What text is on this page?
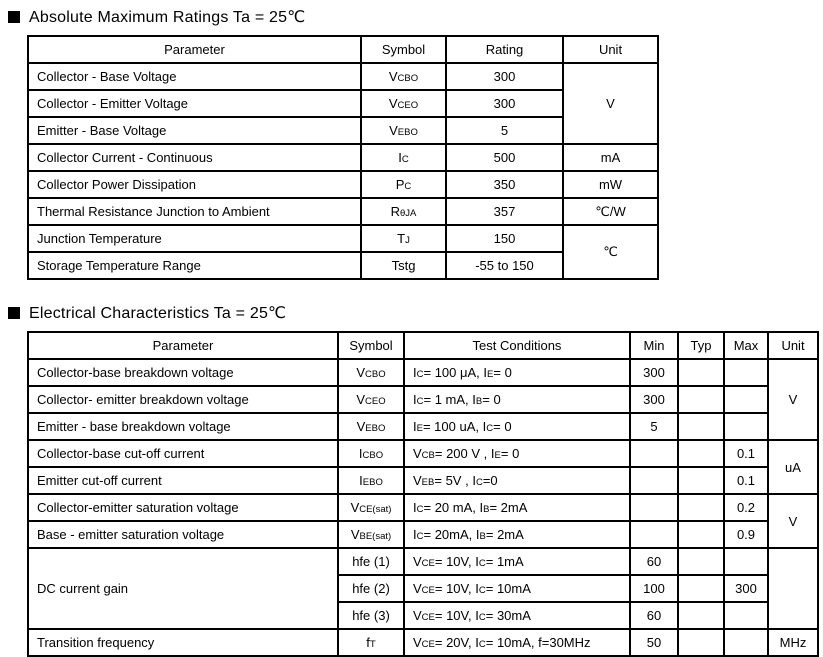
Absolute Maximum Ratings Ta = 25℃
Parameter	Symbol	Rating	Unit
Collector - Base Voltage	VCBO	300	V
Collector - Emitter Voltage	VCEO	300	
Emitter - Base Voltage	VEBO	5	
Collector Current - Continuous	IC	500	mA
Collector Power Dissipation	PC	350	mW
Thermal Resistance Junction to Ambient	RθJA	357	℃/W
Junction Temperature	TJ	150	℃
Storage Temperature Range	Tstg	-55 to 150	
Electrical Characteristics Ta = 25℃
Parameter	Symbol	Test Conditions	Min	Typ	Max	Unit
Collector-base breakdown voltage	VCBO	IC= 100 μA, IE= 0	300			V
Collector- emitter breakdown voltage	VCEO	IC= 1 mA, IB= 0	300			
Emitter - base breakdown voltage	VEBO	IE= 100 uA, IC= 0	5			
Collector-base cut-off current	ICBO	VCB= 200 V , IE= 0			0.1	uA
Emitter cut-off current	IEBO	VEB= 5V , IC=0			0.1	
Collector-emitter saturation voltage	VCE(sat)	IC= 20 mA, IB= 2mA			0.2	V
Base - emitter saturation voltage	VBE(sat)	IC= 20mA, IB= 2mA			0.9	
DC current gain	hfe (1)	VCE= 10V, IC= 1mA	60			
	hfe (2)	VCE= 10V, IC= 10mA	100		300	
	hfe (3)	VCE= 10V, IC= 30mA	60			
Transition frequency	fT	VCE= 20V, IC= 10mA, f=30MHz	50			MHz
